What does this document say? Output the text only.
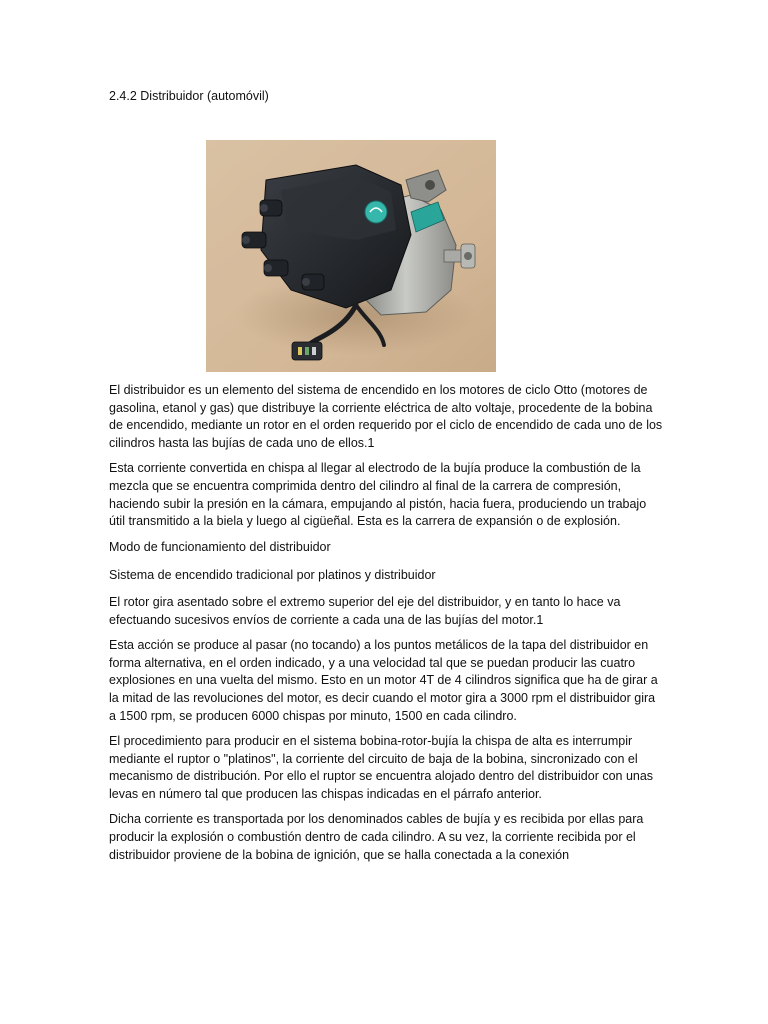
2.4.2 Distribuidor (automóvil)

El distribuidor es un elemento del sistema de encendido en los motores de ciclo Otto (motores de gasolina, etanol y gas) que distribuye la corriente eléctrica de alto voltaje, procedente de la bobina de encendido, mediante un rotor en el orden requerido por el ciclo de encendido de cada uno de los cilindros hasta las bujías de cada uno de ellos.1

Esta corriente convertida en chispa al llegar al electrodo de la bujía produce la combustión de la mezcla que se encuentra comprimida dentro del cilindro al final de la carrera de compresión, haciendo subir la presión en la cámara, empujando al pistón, hacia fuera, produciendo un trabajo útil transmitido a la biela y luego al cigüeñal. Esta es la carrera de expansión o de explosión.

Modo de funcionamiento del distribuidor

Sistema de encendido tradicional por platinos y distribuidor

El rotor gira asentado sobre el extremo superior del eje del distribuidor, y en tanto lo hace va efectuando sucesivos envíos de corriente a cada una de las bujías del motor.1

Esta acción se produce al pasar (no tocando) a los puntos metálicos de la tapa del distribuidor en forma alternativa, en el orden indicado, y a una velocidad tal que se puedan producir las cuatro explosiones en una vuelta del mismo. Esto en un motor 4T de 4 cilindros significa que ha de girar a la mitad de las revoluciones del motor, es decir cuando el motor gira a 3000 rpm el distribuidor gira a 1500 rpm, se producen 6000 chispas por minuto, 1500 en cada cilindro.

El procedimiento para producir en el sistema bobina-rotor-bujía la chispa de alta es interrumpir mediante el ruptor o "platinos", la corriente del circuito de baja de la bobina, sincronizado con el mecanismo de distribución. Por ello el ruptor se encuentra alojado dentro del distribuidor con unas levas en número tal que producen las chispas indicadas en el párrafo anterior.

Dicha corriente es transportada por los denominados cables de bujía y es recibida por ellas para producir la explosión o combustión dentro de cada cilindro. A su vez, la corriente recibida por el distribuidor proviene de la bobina de ignición, que se halla conectada a la conexión
